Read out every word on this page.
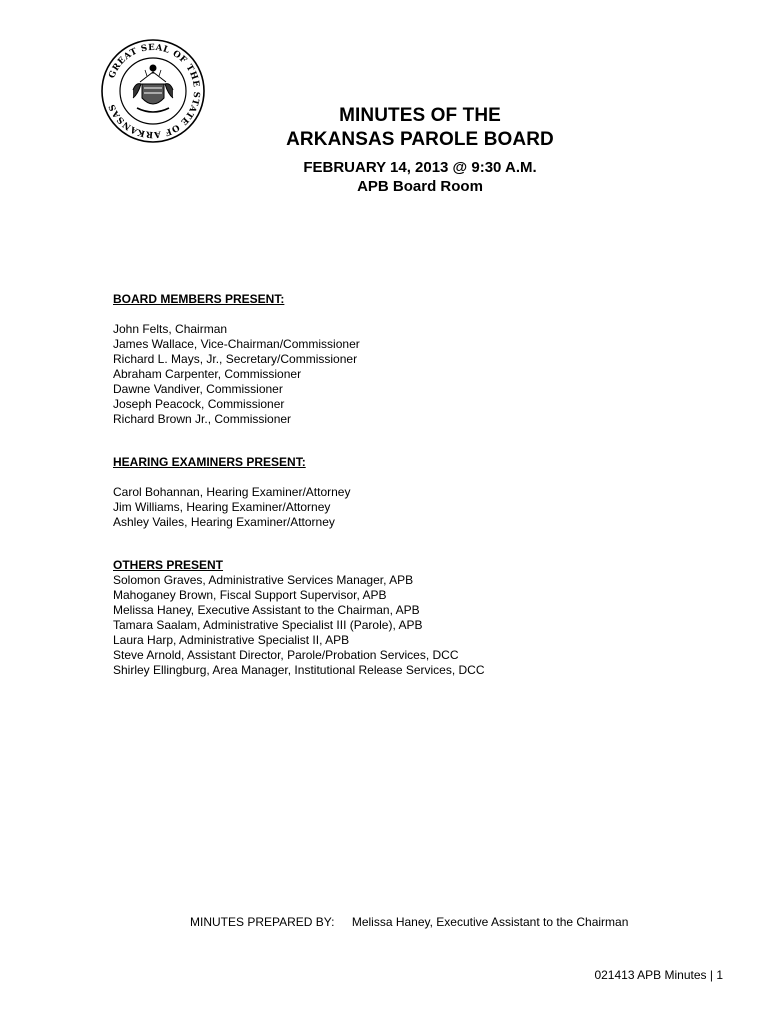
GREAT SEAL OF THE STATE OF ARKANSAS	MINUTES OF THE
ARKANSAS PAROLE BOARD
FEBRUARY 14, 2013 @ 9:30 A.M.
APB Board Room
BOARD MEMBERS PRESENT:
John Felts, Chairman
James Wallace, Vice-Chairman/Commissioner
Richard L. Mays, Jr., Secretary/Commissioner
Abraham Carpenter, Commissioner
Dawne Vandiver, Commissioner
Joseph Peacock, Commissioner
Richard Brown Jr., Commissioner
HEARING EXAMINERS PRESENT:
Carol Bohannan, Hearing Examiner/Attorney
Jim Williams, Hearing Examiner/Attorney
Ashley Vailes, Hearing Examiner/Attorney
OTHERS PRESENT
Solomon Graves, Administrative Services Manager, APB
Mahoganey Brown, Fiscal Support Supervisor, APB
Melissa Haney, Executive Assistant to the Chairman, APB
Tamara Saalam, Administrative Specialist III (Parole), APB
Laura Harp, Administrative Specialist II, APB
Steve Arnold, Assistant Director, Parole/Probation Services, DCC
Shirley Ellingburg, Area Manager, Institutional Release Services, DCC
MINUTES PREPARED BY: Melissa Haney, Executive Assistant to the Chairman
021413 APB Minutes | 1
